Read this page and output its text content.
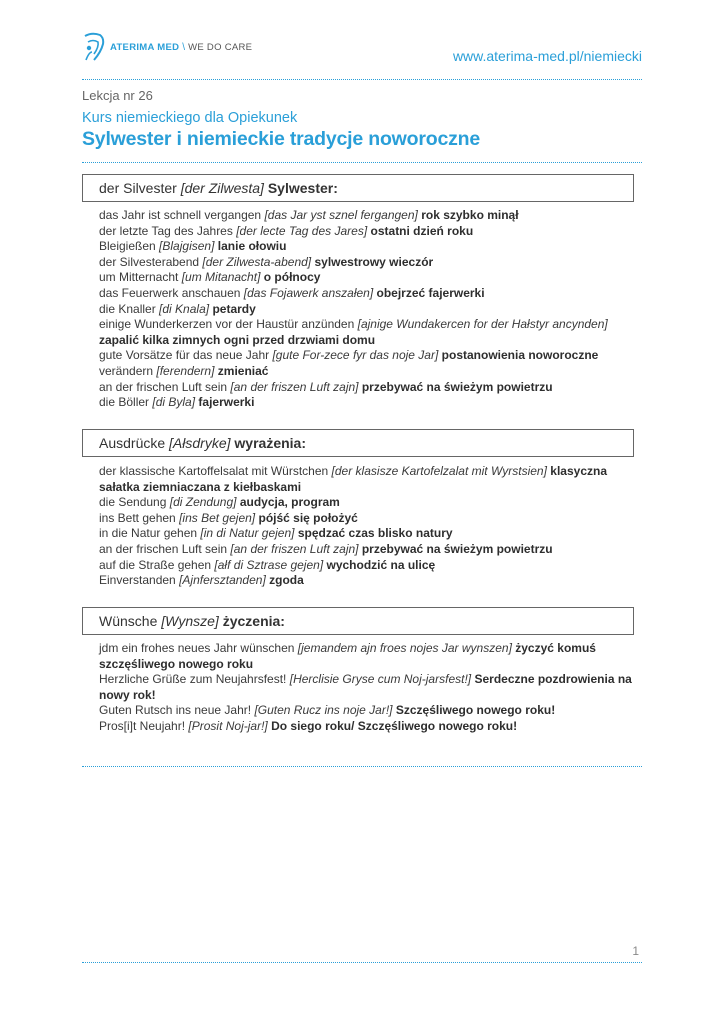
ATERIMA MED \ WE DO CARE
www.aterima-med.pl/niemiecki
Lekcja nr 26
Kurs niemieckiego dla Opiekunek
Sylwester i niemieckie tradycje noworoczne
der Silvester [der Zilwesta] Sylwester:
das Jahr ist schnell vergangen [das Jar yst sznel fergangen] rok szybko minął
der letzte Tag des Jahres [der lecte Tag des Jares] ostatni dzień roku
Bleigießen [Blajgisen] lanie ołowiu
der Silvesterabend [der Zilwesta-abend] sylwestrowy wieczór
um Mitternacht [um Mitanacht] o północy
das Feuerwerk anschauen [das Fojawerk anszałen] obejrzeć fajerwerki
die Knaller [di Knala] petardy
einige Wunderkerzen vor der Haustür anzünden [ajnige Wundakercen for der Hałstyr ancynden] zapalić kilka zimnych ogni przed drzwiami domu
gute Vorsätze für das neue Jahr [gute For-zece fyr das noje Jar] postanowienia noworoczne
verändern [ferendern] zmieniać
an der frischen Luft sein [an der friszen Luft zajn] przebywać na świeżym powietrzu
die Böller [di Byla] fajerwerki
Ausdrücke [Ałsdryke] wyrażenia:
der klassische Kartoffelsalat mit Würstchen [der klasisze Kartofelzalat mit Wyrstsien] klasyczna sałatka ziemniaczana z kiełbaskami
die Sendung [di Zendung] audycja, program
ins Bett gehen [ins Bet gejen] pójść się położyć
in die Natur gehen [in di Natur gejen] spędzać czas blisko natury
an der frischen Luft sein [an der friszen Luft zajn] przebywać na świeżym powietrzu
auf die Straße gehen [ałf di Sztrase gejen] wychodzić na ulicę
Einverstanden [Ajnfersztanden] zgoda
Wünsche [Wynsze] życzenia:
jdm ein frohes neues Jahr wünschen [jemandem ajn froes nojes Jar wynszen] życzyć komuś szczęśliwego nowego roku
Herzliche Grüße zum Neujahrsfest! [Herclisie Gryse cum Noj-jarsfest!] Serdeczne pozdrowienia na nowy rok!
Guten Rutsch ins neue Jahr! [Guten Rucz ins noje Jar!] Szczęśliwego nowego roku!
Pros[i]t Neujahr! [Prosit Noj-jar!] Do siego roku/ Szczęśliwego nowego roku!
1
